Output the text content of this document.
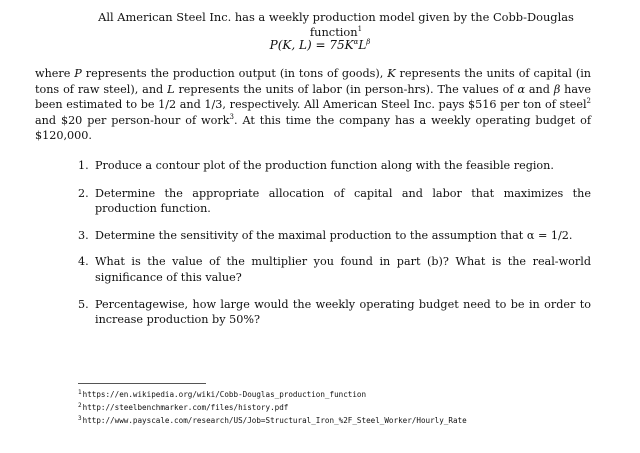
All American Steel Inc. has a weekly production model given by the Cobb-Douglas function$^1$
P(K, $L) = 75K^\alpha L^\beta$
where P represents the production output (in tons of goods), K represents the units of capital (in tons of raw steel), and L represents the units of labor (in person-hrs). The values of α and β have been estimated to be 1/2 and 1/3, respectively. All American Steel Inc. pays $516 per ton of steel$^2$ and $20 per person-hour of work$^3$. At this time the company has a weekly operating budget of $120,000.
1. Produce a contour plot of the production function along with the feasible region.
2. Determine the appropriate allocation of capital and labor that maximizes the production function.
3. Determine the sensitivity of the maximal production to the assumption that α = 1/2.
4. What is the value of the multiplier you found in part (b)? What is the real-world significance of this value?
5. Percentagewise, how large would the weekly operating budget need to be in order to increase production by 50%?
$^1$https://en.wikipedia.org/wiki/Cobb-Douglas_production_function
$^2$http://steelbenchmarker.com/files/history.pdf
$^3$http://www.payscale.com/research/US/Job=Structural_Iron_%2F_Steel_Worker/Hourly_Rate
